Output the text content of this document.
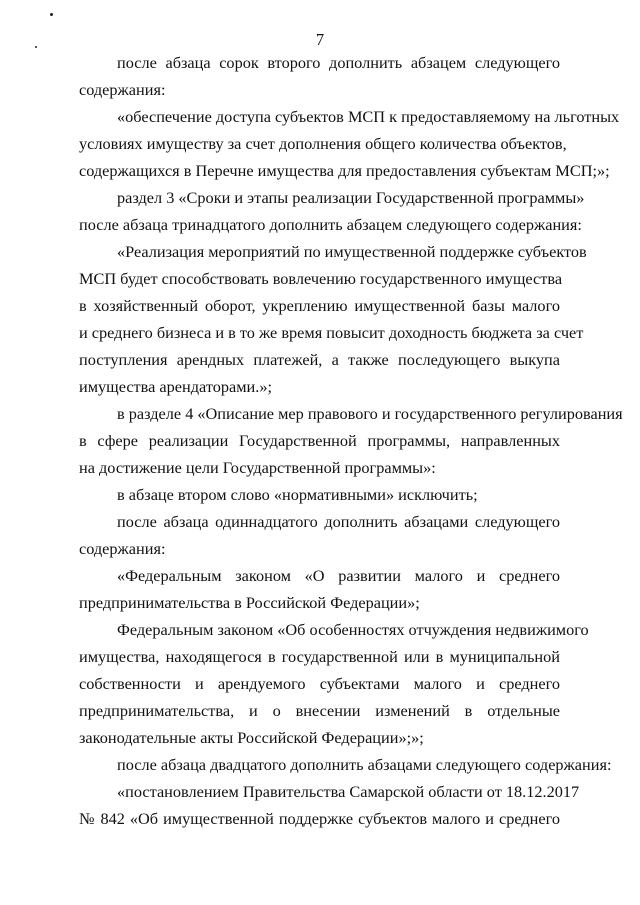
7
после абзаца сорок второго дополнить абзацем следующего
содержания:
«обеспечение доступа субъектов МСП к предоставляемому на льготных
условиях имуществу за счет дополнения общего количества объектов,
содержащихся в Перечне имущества для предоставления субъектам МСП;»;
раздел 3 «Сроки и этапы реализации Государственной программы»
после абзаца тринадцатого дополнить абзацем следующего содержания:
«Реализация мероприятий по имущественной поддержке субъектов
МСП будет способствовать вовлечению государственного имущества
в хозяйственный оборот, укреплению имущественной базы малого
и среднего бизнеса и в то же время повысит доходность бюджета за счет
поступления арендных платежей, а также последующего выкупа
имущества арендаторами.»;
в разделе 4 «Описание мер правового и государственного регулирования
в сфере реализации Государственной программы, направленных
на достижение цели Государственной программы»:
в абзаце втором слово «нормативными» исключить;
после абзаца одиннадцатого дополнить абзацами следующего
содержания:
«Федеральным законом «О развитии малого и среднего
предпринимательства в Российской Федерации»;
Федеральным законом «Об особенностях отчуждения недвижимого
имущества, находящегося в государственной или в муниципальной
собственности и арендуемого субъектами малого и среднего
предпринимательства, и о внесении изменений в отдельные
законодательные акты Российской Федерации»;»;
после абзаца двадцатого дополнить абзацами следующего содержания:
«постановлением Правительства Самарской области от 18.12.2017
№ 842 «Об имущественной поддержке субъектов малого и среднего
